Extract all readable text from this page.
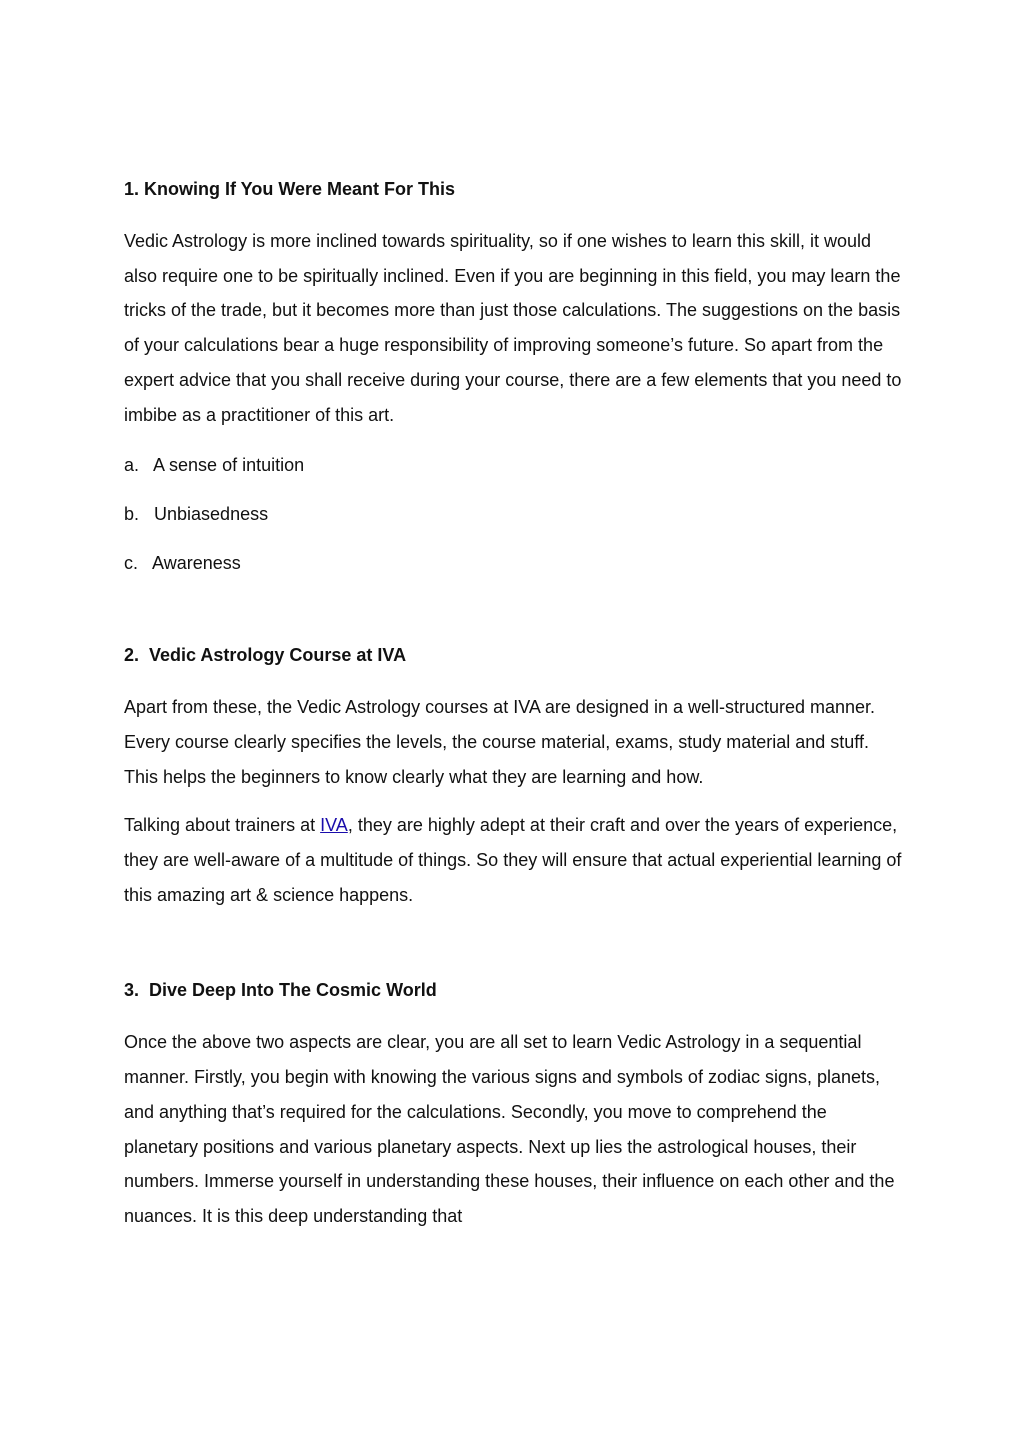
1. Knowing If You Were Meant For This

Vedic Astrology is more inclined towards spirituality, so if one wishes to learn this skill, it would also require one to be spiritually inclined. Even if you are beginning in this field, you may learn the tricks of the trade, but it becomes more than just those calculations. The suggestions on the basis of your calculations bear a huge responsibility of improving someone’s future. So apart from the expert advice that you shall receive during your course, there are a few elements that you need to imbibe as a practitioner of this art.

a.   A sense of intuition

b.   Unbiasedness

c.   Awareness

2.  Vedic Astrology Course at IVA

Apart from these, the Vedic Astrology courses at IVA are designed in a well-structured manner. Every course clearly specifies the levels, the course material, exams, study material and stuff. This helps the beginners to know clearly what they are learning and how.

Talking about trainers at IVA, they are highly adept at their craft and over the years of experience, they are well-aware of a multitude of things. So they will ensure that actual experiential learning of this amazing art & science happens.

3.  Dive Deep Into The Cosmic World

Once the above two aspects are clear, you are all set to learn Vedic Astrology in a sequential manner. Firstly, you begin with knowing the various signs and symbols of zodiac signs, planets, and anything that’s required for the calculations. Secondly, you move to comprehend the planetary positions and various planetary aspects. Next up lies the astrological houses, their numbers. Immerse yourself in understanding these houses, their influence on each other and the nuances. It is this deep understanding that
